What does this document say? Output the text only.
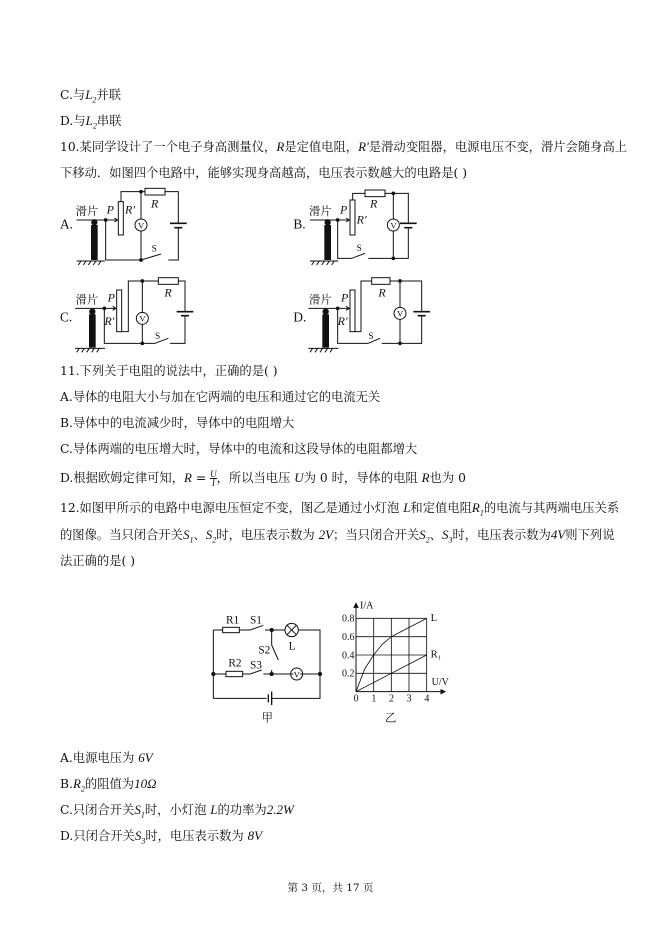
C.与$L_2$并联
D.与$L_2$串联
10.某同学设计了一个电子身高测量仪，R是定值电阻，R'是滑动变阻器，电源电压不变，滑片会随身高上
下移动．如图四个电路中，能够实现身高越高，电压表示数越大的电路是( )
A.
滑片 P R' R
S
V	B.
滑片 P
R'
R
S
V
C.
滑片 P
R'
R
S
V	D.
滑片 P
R'
R
S
V
11.下列关于电阻的说法中，正确的是( )
A.导体的电阻大小与加在它两端的电压和通过它的电流无关
B.导体中的电流减少时，导体中的电阻增大
C.导体两端的电压增大时，导体中的电流和这段导体的电阻都增大
D.根据欧姆定律可知，$R = \frac{U}{I}$ ，所以当电压 U为 0 时，导体的电阻 R也为 0
12.如图甲所示的电路中电源电压恒定不变，图乙是通过小灯泡 L和定值电阻$R_1$的电流与其两端电压关系
的图像。当只闭合开关$S_1$、$S_2$时，电压表示数为 2V；当只闭合开关$S_2$、$S_3$时，电压表示数为4V则下列说
法正确的是( )
R1 S1
S2
R2 S3
L
V
甲
0 1 2 3 4
0.2
0.4
0.6
0.8
I/A
U/V
L
R1
乙
A.电源电压为 6V
$B.R_2$的阻值为10Ω
C.只闭合开关$S_1$时，小灯泡 L的功率为2.2W
D.只闭合开关$S_3$时，电压表示数为 8V
第 3 页，共 17 页
